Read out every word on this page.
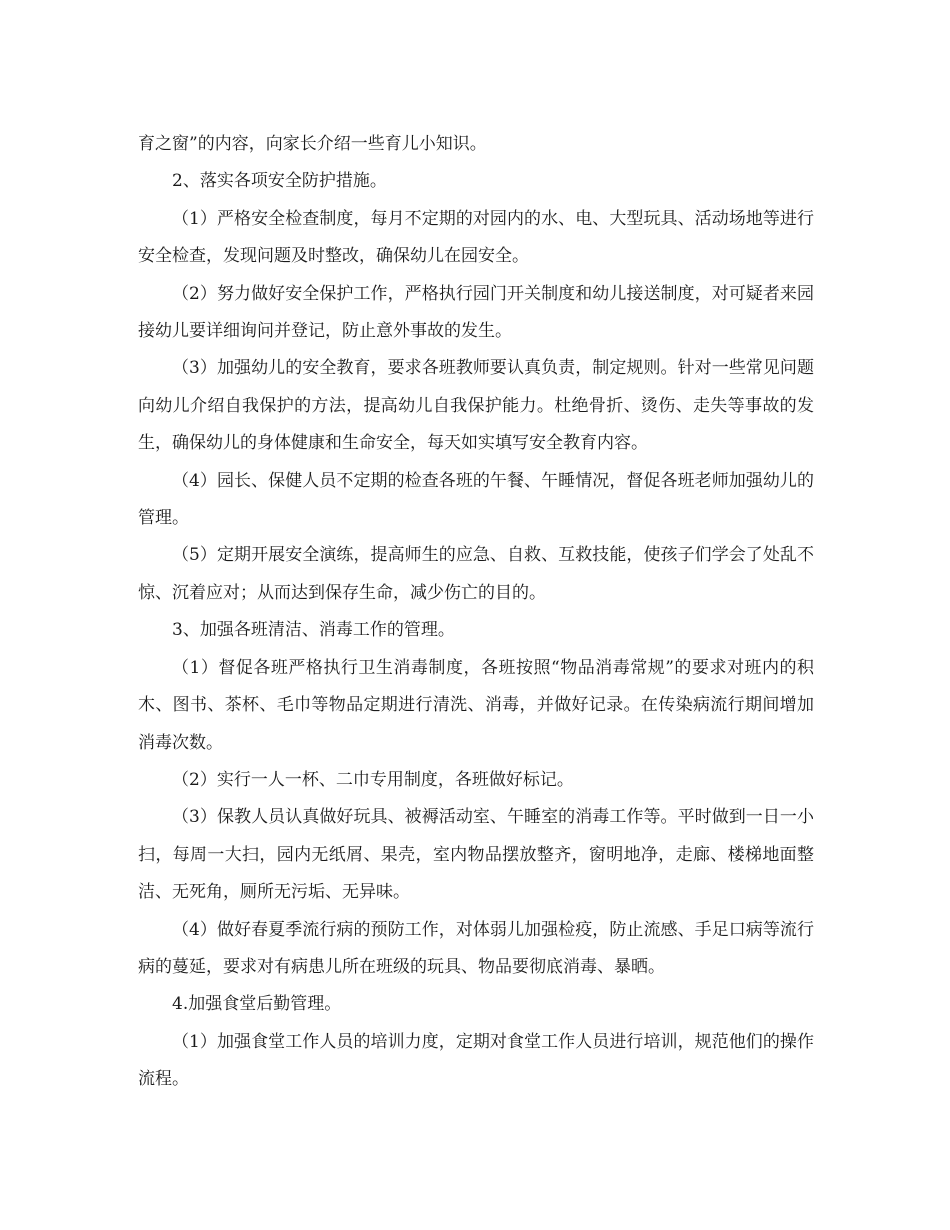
育之窗”的内容，向家长介绍一些育儿小知识。

2、落实各项安全防护措施。

（1）严格安全检查制度，每月不定期的对园内的水、电、大型玩具、活动场地等进行安全检查，发现问题及时整改，确保幼儿在园安全。

（2）努力做好安全保护工作，严格执行园门开关制度和幼儿接送制度，对可疑者来园接幼儿要详细询问并登记，防止意外事故的发生。

（3）加强幼儿的安全教育，要求各班教师要认真负责，制定规则。针对一些常见问题向幼儿介绍自我保护的方法，提高幼儿自我保护能力。杜绝骨折、烫伤、走失等事故的发生，确保幼儿的身体健康和生命安全，每天如实填写安全教育内容。

（4）园长、保健人员不定期的检查各班的午餐、午睡情况，督促各班老师加强幼儿的管理。

（5）定期开展安全演练，提高师生的应急、自救、互救技能，使孩子们学会了处乱不惊、沉着应对；从而达到保存生命，减少伤亡的目的。

3、加强各班清洁、消毒工作的管理。

（1）督促各班严格执行卫生消毒制度，各班按照“物品消毒常规”的要求对班内的积木、图书、茶杯、毛巾等物品定期进行清洗、消毒，并做好记录。在传染病流行期间增加消毒次数。

（2）实行一人一杯、二巾专用制度，各班做好标记。

（3）保教人员认真做好玩具、被褥活动室、午睡室的消毒工作等。平时做到一日一小扫，每周一大扫，园内无纸屑、果壳，室内物品摆放整齐，窗明地净，走廊、楼梯地面整洁、无死角，厕所无污垢、无异味。

（4）做好春夏季流行病的预防工作，对体弱儿加强检疫，防止流感、手足口病等流行病的蔓延，要求对有病患儿所在班级的玩具、物品要彻底消毒、暴晒。

4.加强食堂后勤管理。

（1）加强食堂工作人员的培训力度，定期对食堂工作人员进行培训，规范他们的操作流程。
